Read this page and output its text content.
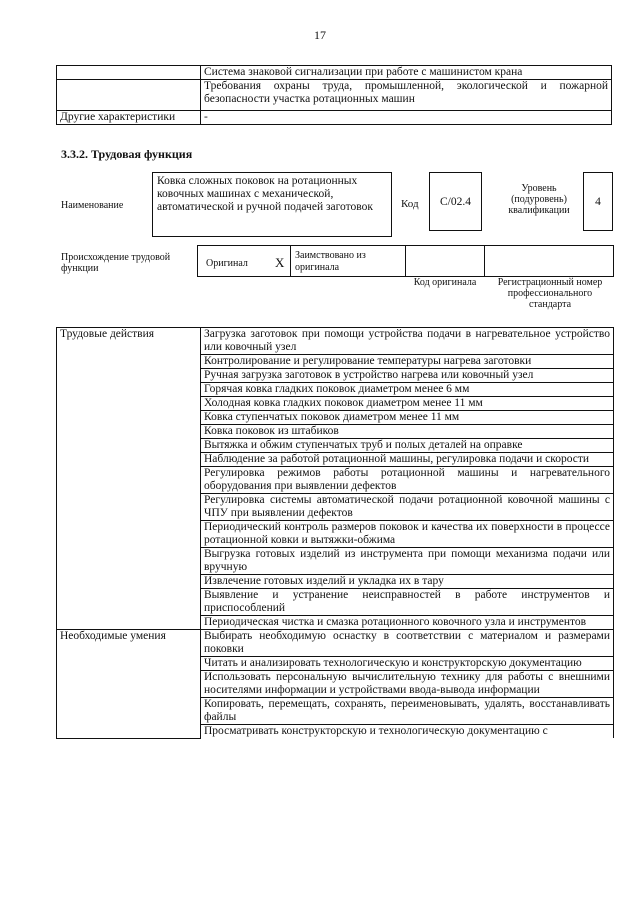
17
	Система знаковой сигнализации при работе с машинистом крана
	Требования охраны труда, промышленной, экологической и пожарной безопасности участка ротационных машин
Другие характеристики	-
3.3.2. Трудовая функция
Наименование
Ковка сложных поковок на ротационных ковочных машинах с механической, автоматической и ручной подачей заготовок	Код C/02.4
Уровень (подуровень) квалификации
4
Происхождение трудовой функции	Оригинал X	Заимствовано из оригинала
Код оригинала	Регистрационный номер профессионального стандарта
Трудовые действия	Загрузка заготовок при помощи устройства подачи в нагревательное устройство или ковочный узел
	Контролирование и регулирование температуры нагрева заготовки
	Ручная загрузка заготовок в устройство нагрева или ковочный узел
	Горячая ковка гладких поковок диаметром менее 6 мм
	Холодная ковка гладких поковок диаметром менее 11 мм
	Ковка ступенчатых поковок диаметром менее 11 мм
	Ковка поковок из штабиков
	Вытяжка и обжим ступенчатых труб и полых деталей на оправке
	Наблюдение за работой ротационной машины, регулировка подачи и скорости
	Регулировка режимов работы ротационной машины и нагревательного оборудования при выявлении дефектов
	Регулировка системы автоматической подачи ротационной ковочной машины с ЧПУ при выявлении дефектов
	Периодический контроль размеров поковок и качества их поверхности в процессе ротационной ковки и вытяжки-обжима
	Выгрузка готовых изделий из инструмента при помощи механизма подачи или вручную
	Извлечение готовых изделий и укладка их в тару
	Выявление и устранение неисправностей в работе инструментов и приспособлений
	Периодическая чистка и смазка ротационного ковочного узла и инструментов
Необходимые умения	Выбирать необходимую оснастку в соответствии с материалом и размерами поковки
	Читать и анализировать технологическую и конструкторскую документацию
	Использовать персональную вычислительную технику для работы с внешними носителями информации и устройствами ввода-вывода информации
	Копировать, перемещать, сохранять, переименовывать, удалять, восстанавливать файлы
	Просматривать конструкторскую и технологическую документацию с
